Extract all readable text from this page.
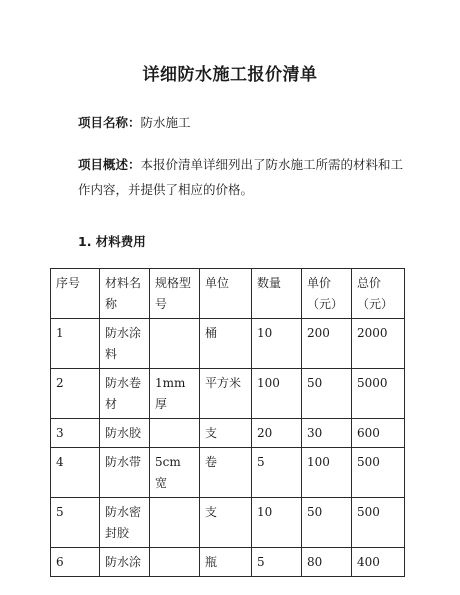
详细防水施工报价清单
项目名称：防水施工
项目概述：本报价清单详细列出了防水施工所需的材料和工作内容，并提供了相应的价格。
1. 材料费用
序号	材料名称	规格型号	单位	数量	单价（元）	总价（元）
1	防水涂料		桶	10	200	2000
2	防水卷材	1mm 厚	平方米	100	50	5000
3	防水胶		支	20	30	600
4	防水带	5cm 宽	卷	5	100	500
5	防水密封胶		支	10	50	500
6	防水涂		瓶	5	80	400
